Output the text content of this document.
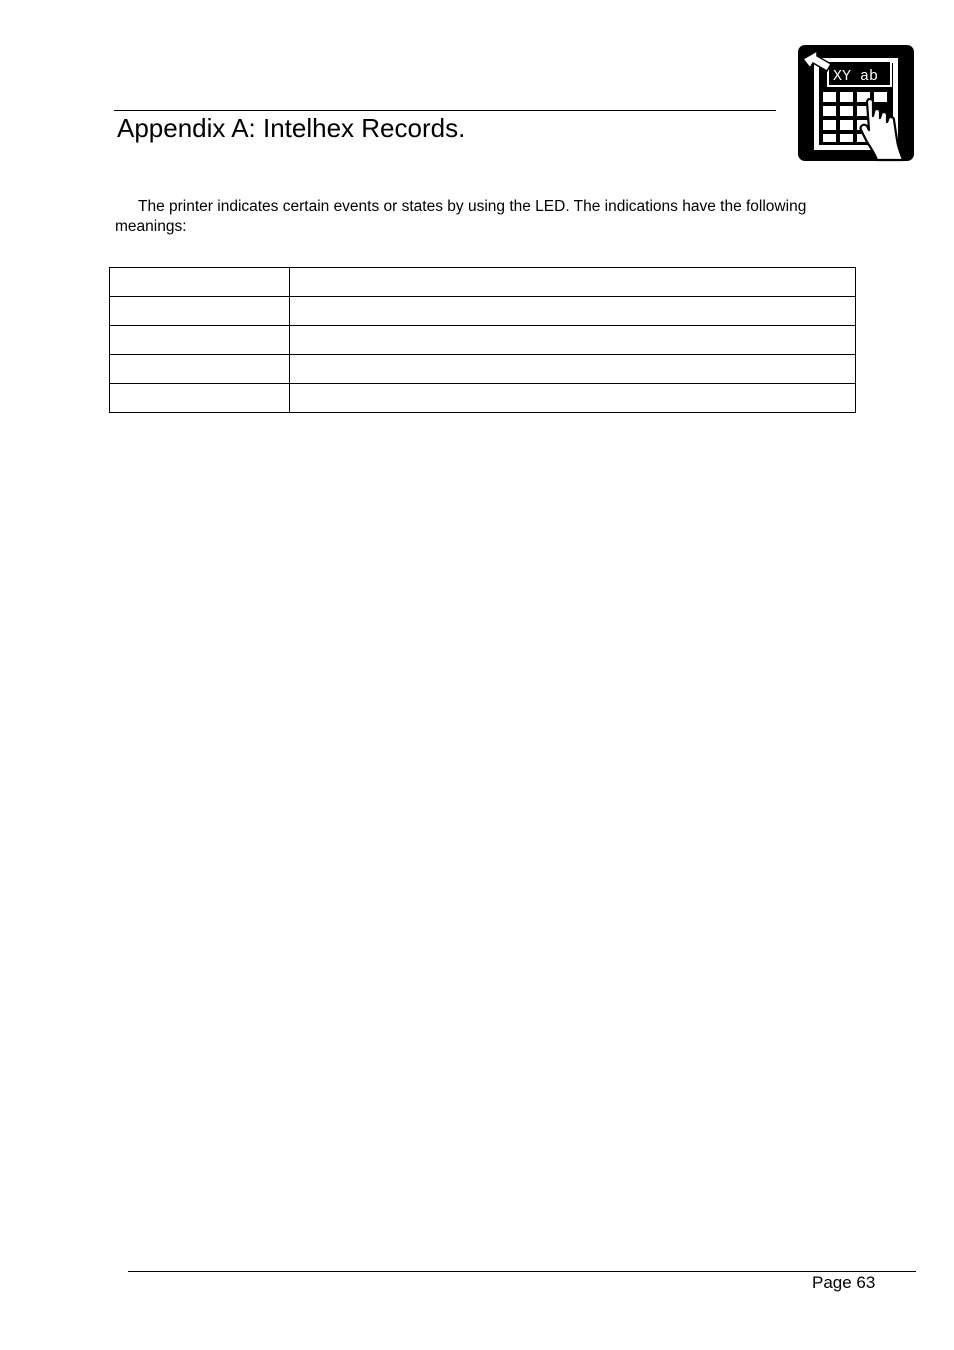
Appendix A: Intelhex Records.
XY ab

The printer indicates certain events or states by using the LED. The indications have the following meanings:

Page 63
